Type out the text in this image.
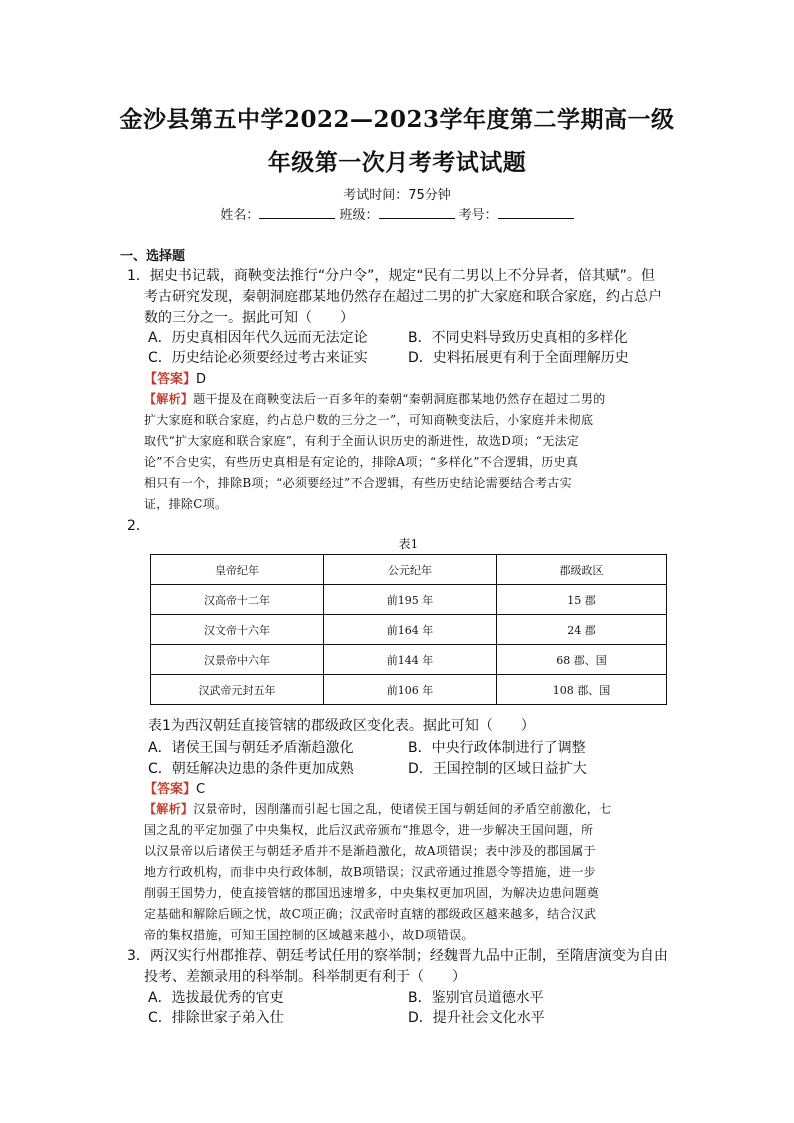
金沙县第五中学2022—2023学年度第二学期高一级
年级第一次月考考试试题
考试时间：75分钟
姓名：	班级：	考号：
一、选择题
1．据史书记载，商鞅变法推行“分户令”，规定“民有二男以上不分异者，倍其赋”。但
考古研究发现，秦朝洞庭郡某地仍然存在超过二男的扩大家庭和联合家庭，约占总户
数的三分之一。据此可知（　　）
A．历史真相因年代久远而无法定论	B．不同史料导致历史真相的多样化
C．历史结论必须要经过考古来证实	D．史料拓展更有利于全面理解历史
【答案】D
【解析】题干提及在商鞅变法后一百多年的秦朝“秦朝洞庭郡某地仍然存在超过二男的
扩大家庭和联合家庭，约占总户数的三分之一”，可知商鞅变法后，小家庭并未彻底
取代“扩大家庭和联合家庭”，有利于全面认识历史的渐进性，故选D项；“无法定
论”不合史实，有些历史真相是有定论的，排除A项；“多样化”不合逻辑，历史真
相只有一个，排除B项；“必须要经过”不合逻辑，有些历史结论需要结合考古实
证，排除C项。
2．
表1
皇帝纪年	公元纪年	郡级政区
汉高帝十二年	前195 年	15 郡
汉文帝十六年	前164 年	24 郡
汉景帝中六年	前144 年	68 郡、国
汉武帝元封五年	前106 年	108 郡、国
表1为西汉朝廷直接管辖的郡级政区变化表。据此可知（　　）
A．诸侯王国与朝廷矛盾渐趋激化	B．中央行政体制进行了调整
C．朝廷解决边患的条件更加成熟	D．王国控制的区域日益扩大
【答案】C
【解析】汉景帝时，因削藩而引起七国之乱，使诸侯王国与朝廷间的矛盾空前激化，七
国之乱的平定加强了中央集权，此后汉武帝颁布“推恩令，进一步解决王国问题，所
以汉景帝以后诸侯王与朝廷矛盾并不是渐趋激化，故A项错误；表中涉及的郡国属于
地方行政机构，而非中央行政体制，故B项错误；汉武帝通过推恩令等措施，进一步
削弱王国势力，使直接管辖的郡国迅速增多，中央集权更加巩固，为解决边患问题奠
定基础和解除后顾之忧，故C项正确；汉武帝时直辖的郡级政区越来越多，结合汉武
帝的集权措施，可知王国控制的区域越来越小，故D项错误。
3．两汉实行州郡推荐、朝廷考试任用的察举制；经魏晋九品中正制，至隋唐演变为自由
投考、差额录用的科举制。科举制更有利于（　　）
A．选拔最优秀的官吏	B．鉴别官员道德水平
C．排除世家子弟入仕	D．提升社会文化水平
